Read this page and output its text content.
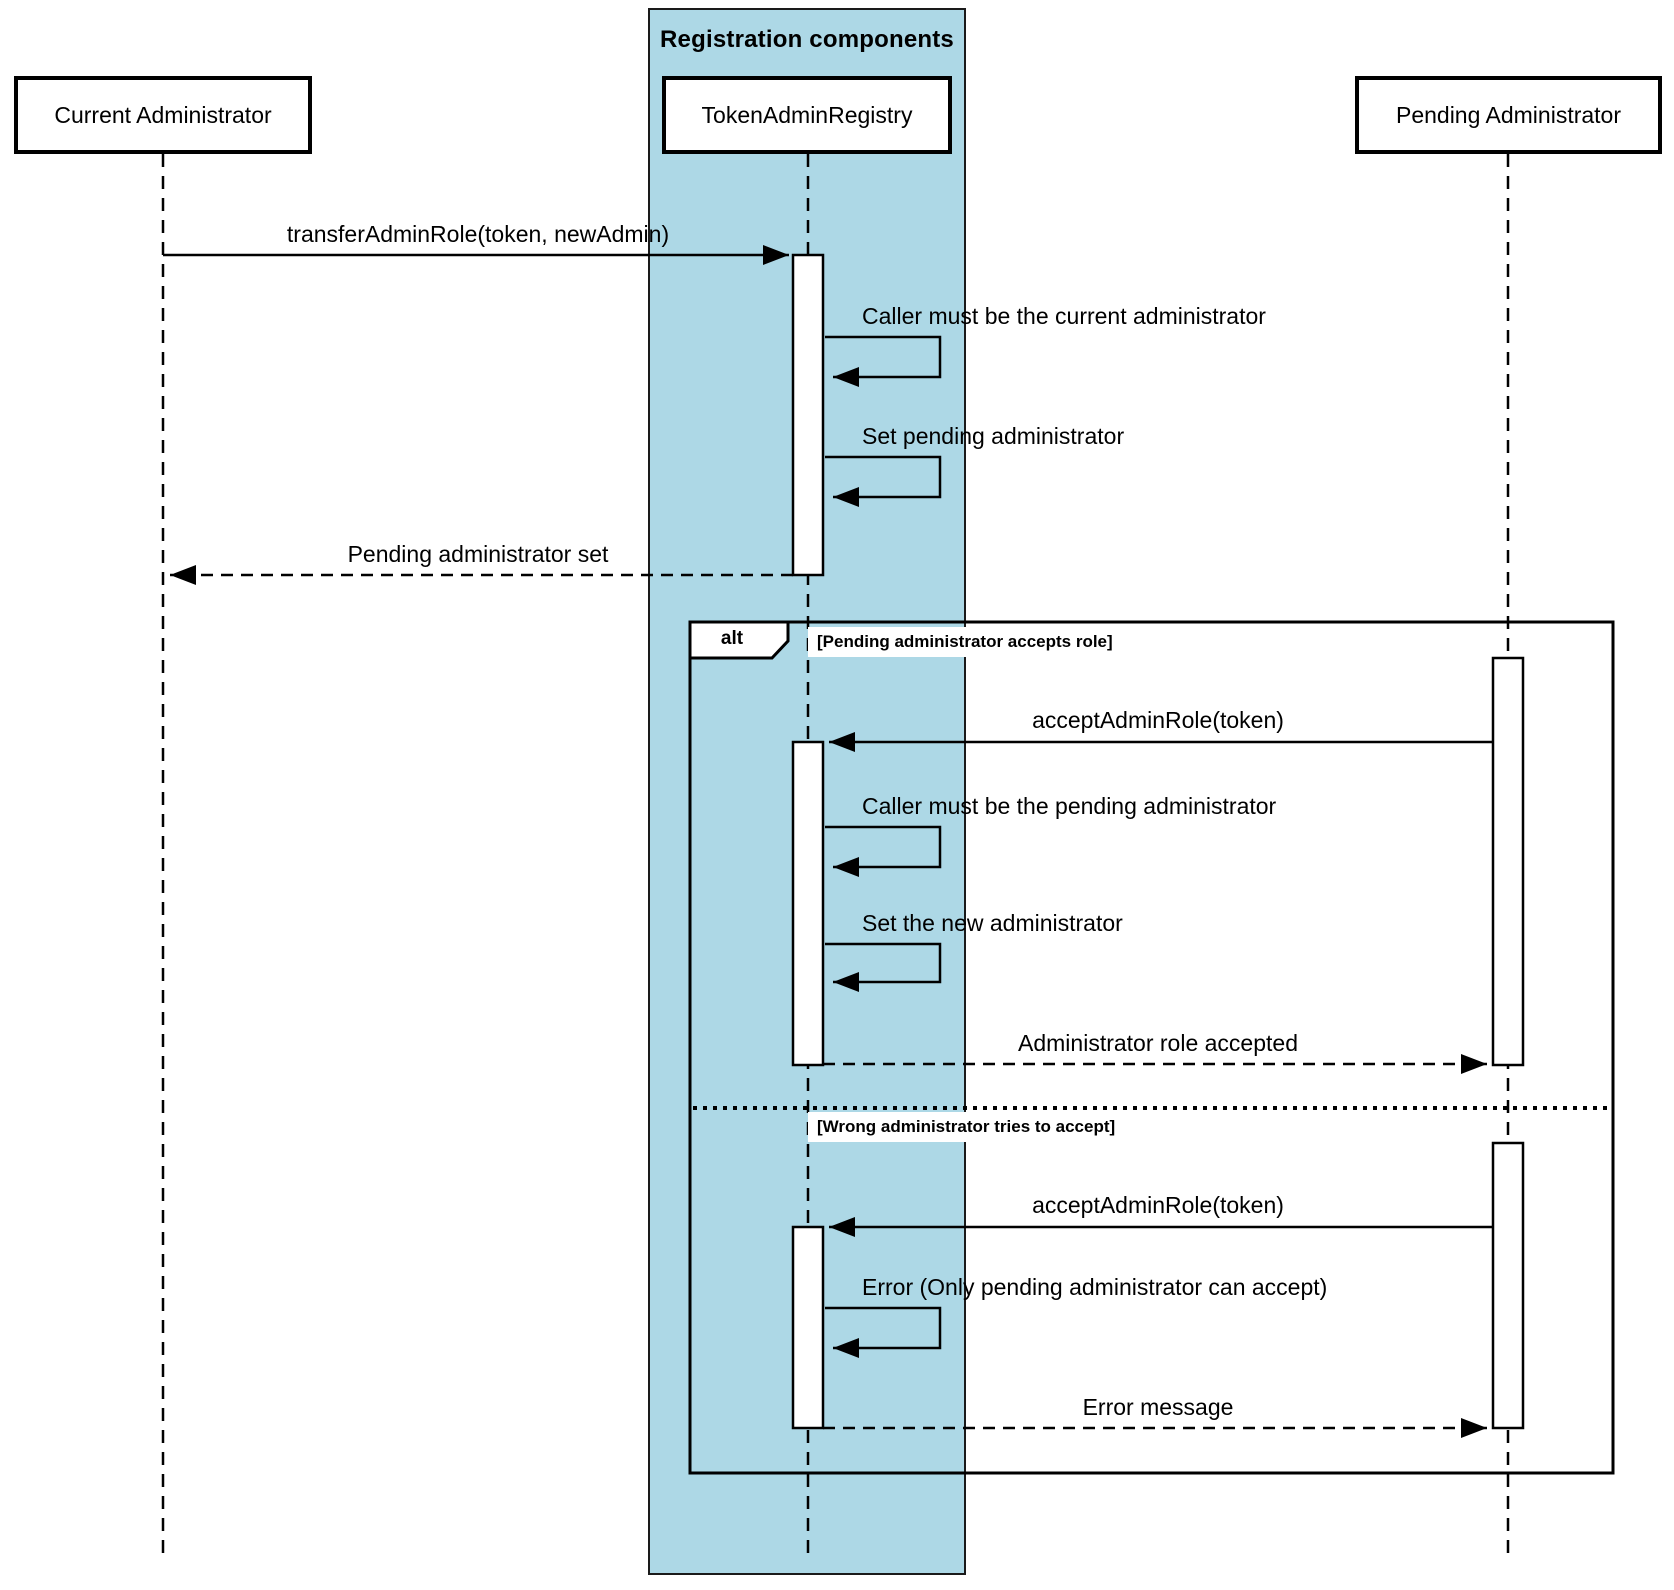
Registration components
Current Administrator	TokenAdminRegistry	Pending Administrator
alt	[Pending administrator accepts role]
[Wrong administrator tries to accept]
transferAdminRole(token, newAdmin)
Caller must be the current administrator
Set pending administrator
Pending administrator set
acceptAdminRole(token)
Caller must be the pending administrator
Set the new administrator
Administrator role accepted
acceptAdminRole(token)
Error (Only pending administrator can accept)
Error message
